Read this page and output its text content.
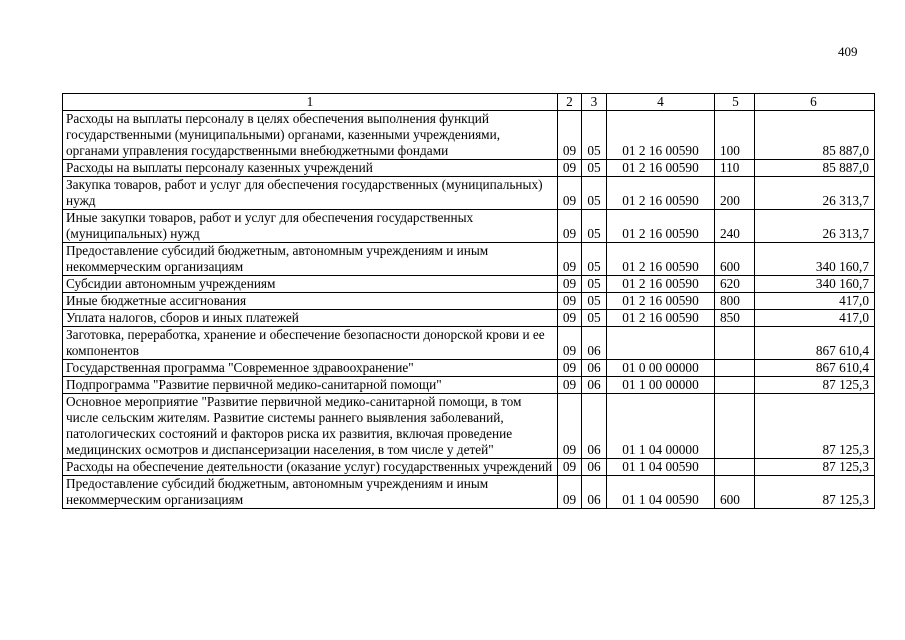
409
1	2	3	4	5	6
Расходы на выплаты персоналу в целях обеспечения выполнения функций государственными (муниципальными) органами, казенными учреждениями, органами управления государственными внебюджетными фондами	09	05	01 2 16 00590	100	85 887,0
Расходы на выплаты персоналу казенных учреждений	09	05	01 2 16 00590	110	85 887,0
Закупка товаров, работ и услуг для обеспечения государственных (муниципальных) нужд	09	05	01 2 16 00590	200	26 313,7
Иные закупки товаров, работ и услуг для обеспечения государственных (муниципальных) нужд	09	05	01 2 16 00590	240	26 313,7
Предоставление субсидий бюджетным, автономным учреждениям и иным некоммерческим организациям	09	05	01 2 16 00590	600	340 160,7
Субсидии автономным учреждениям	09	05	01 2 16 00590	620	340 160,7
Иные бюджетные ассигнования	09	05	01 2 16 00590	800	417,0
Уплата налогов, сборов и иных платежей	09	05	01 2 16 00590	850	417,0
Заготовка, переработка, хранение и обеспечение безопасности донорской крови и ее компонентов	09	06			867 610,4
Государственная программа "Современное здравоохранение"	09	06	01 0 00 00000		867 610,4
Подпрограмма "Развитие первичной медико-санитарной помощи"	09	06	01 1 00 00000		87 125,3
Основное мероприятие "Развитие первичной медико-санитарной помощи, в том числе сельским жителям. Развитие системы раннего выявления заболеваний, патологических состояний и факторов риска их развития, включая проведение медицинских осмотров и диспансеризации населения, в том числе у детей"	09	06	01 1 04 00000		87 125,3
Расходы на обеспечение деятельности (оказание услуг) государственных учреждений	09	06	01 1 04 00590		87 125,3
Предоставление субсидий бюджетным, автономным учреждениям и иным некоммерческим организациям	09	06	01 1 04 00590	600	87 125,3
